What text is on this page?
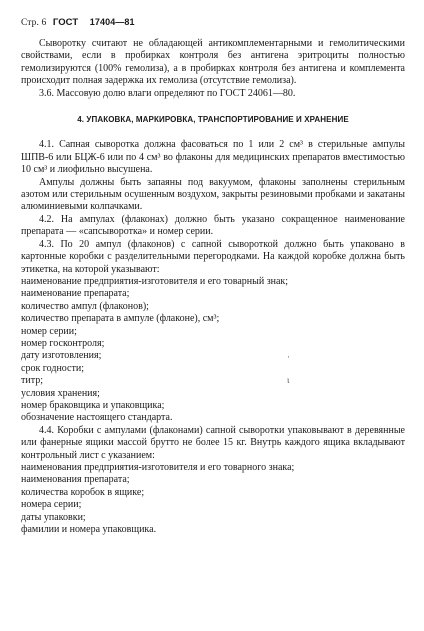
Стр. 6 ГОСТ 17404—81

Сыворотку считают не обладающей антикомплементарными и гемолитическими свойствами, если в пробирках контроля без антигена эритроциты полностью гемолизируются (100% гемолиза), а в пробирках контроля без антигена и комплемента происходит полная задержка их гемолиза (отсутствие гемолиза).

3.6. Массовую долю влаги определяют по ГОСТ 24061—80.

4. УПАКОВКА, МАРКИРОВКА, ТРАНСПОРТИРОВАНИЕ И ХРАНЕНИЕ

4.1. Сапная сыворотка должна фасоваться по 1 или 2 см³ в стерильные ампулы ШПВ-6 или БЦЖ-6 или по 4 см³ во флаконы для медицинских препаратов вместимостью 10 см³ и лиофильно высушена.

Ампулы должны быть запаяны под вакуумом, флаконы заполнены стерильным азотом или стерильным осушенным воздухом, закрыты резиновыми пробками и закатаны алюминиевыми колпачками.

4.2. На ампулах (флаконах) должно быть указано сокращенное наименование препарата — «сапсыворотка» и номер серии.

4.3. По 20 ампул (флаконов) с сапной сывороткой должно быть упаковано в картонные коробки с разделительными перегородками. На каждой коробке должна быть этикетка, на которой указывают:

наименование предприятия-изготовителя и его товарный знак;

наименование препарата;

количество ампул (флаконов);

количество препарата в ампуле (флаконе), см³;

номер серии;

номер госконтроля;

дату изготовления;

срок годности;

титр;

условия хранения;

номер браковщика и упаковщика;

обозначение настоящего стандарта.

4.4. Коробки с ампулами (флаконами) сапной сыворотки упаковывают в деревянные или фанерные ящики массой брутто не более 15 кг. Внутрь каждого ящика вкладывают контрольный лист с указанием:

наименования предприятия-изготовителя и его товарного знака;

наименования препарата;

количества коробок в ящике;

номера серии;

даты упаковки;

фамилии и номера упаковщика.

·
ɩ
